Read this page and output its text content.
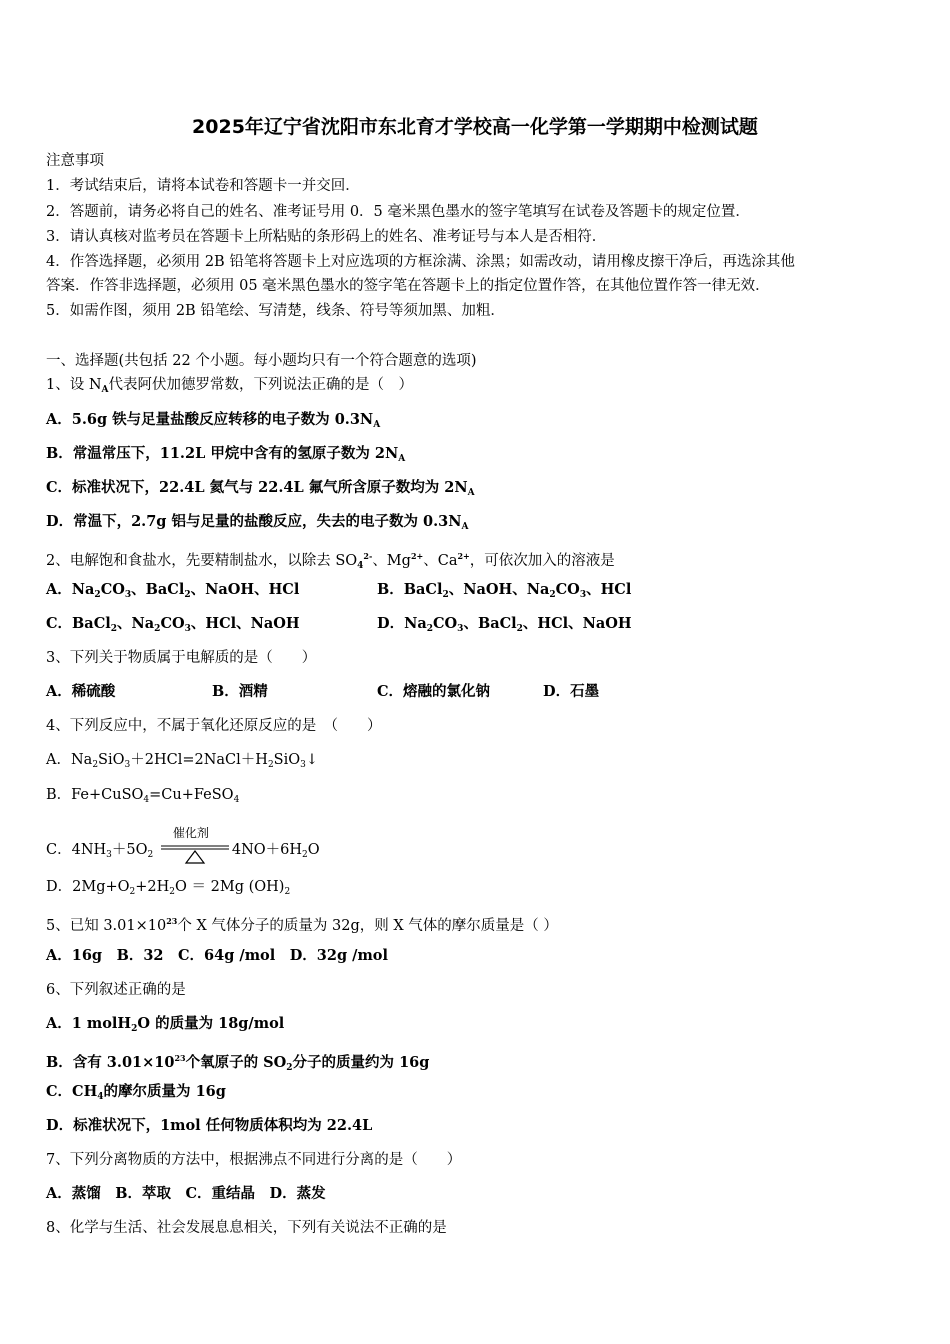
2025年辽宁省沈阳市东北育才学校高一化学第一学期期中检测试题
注意事项
1．考试结束后，请将本试卷和答题卡一并交回．
2．答题前，请务必将自己的姓名、准考证号用 0．5 毫米黑色墨水的签字笔填写在试卷及答题卡的规定位置．
3．请认真核对监考员在答题卡上所粘贴的条形码上的姓名、准考证号与本人是否相符．
4．作答选择题，必须用 2B 铅笔将答题卡上对应选项的方框涂满、涂黑；如需改动，请用橡皮擦干净后，再选涂其他
答案．作答非选择题，必须用 05 毫米黑色墨水的签字笔在答题卡上的指定位置作答，在其他位置作答一律无效．
5．如需作图，须用 2B 铅笔绘、写清楚，线条、符号等须加黑、加粗．
一、选择题(共包括 22 个小题。每小题均只有一个符合题意的选项)
1、设 $N_A$代表阿伏加德罗常数，下列说法正确的是（　）
A．5.6g 铁与足量盐酸反应转移的电子数为 $0.3N_A$
B．常温常压下，11.2L 甲烷中含有的氢原子数为 $2N_A$
C．标准状况下，22.4L 氦气与 22.4L 氟气所含原子数均为 $2N_A$
D．常温下，2.7g 铝与足量的盐酸反应，失去的电子数为 $0.3N_A$
2、电解饱和食盐水，先要精制盐水，以除去 $SO_4^{2-}$、$Mg^{2+}$、$Ca^{2+}$，可依次加入的溶液是
A．$Na_2CO_3$、BaCl$_2$、NaOH、HCl	B．BaCl$_2$、NaOH、$Na_2CO_3$、HCl
C．BaCl$_2$、$Na_2CO_3$、HCl、NaOH	D．$Na_2CO_3$、BaCl$_2$、HCl、NaOH
3、下列关于物质属于电解质的是（　　）
A．稀硫酸	B．酒精	C．熔融的氯化钠	D．石墨
4、下列反应中，不属于氧化还原反应的是　（　　）
A．$Na_2SiO_3+2HCl=2NaCl+H_2SiO_3↓$
B．Fe+CuSO$_4$=Cu+FeSO$_4$
C．$4NH_3+5O_2$
催化剂
$4NO+6H_2O$
D．$2Mg+O_2+2H_2O = 2Mg$ $(OH)_2$
5、已知 $3.01\times 10^{23}$个 X 气体分子的质量为 32g，则 X 气体的摩尔质量是（ ）
A．16g　B．32　C．64g /mol　D．32g /mol
6、下列叙述正确的是
A．1 molH$_2$O 的质量为 18g/mol
B．含有 $3.01\times 10^{23}$个氧原子的 $SO_2$分子的质量约为 16g
C．$CH_4$的摩尔质量为 16g
D．标准状况下，1mol 任何物质体积均为 22.4L
7、下列分离物质的方法中，根据沸点不同进行分离的是（　　）
A．蒸馏　B．萃取　C．重结晶　D．蒸发
8、化学与生活、社会发展息息相关，下列有关说法不正确的是
